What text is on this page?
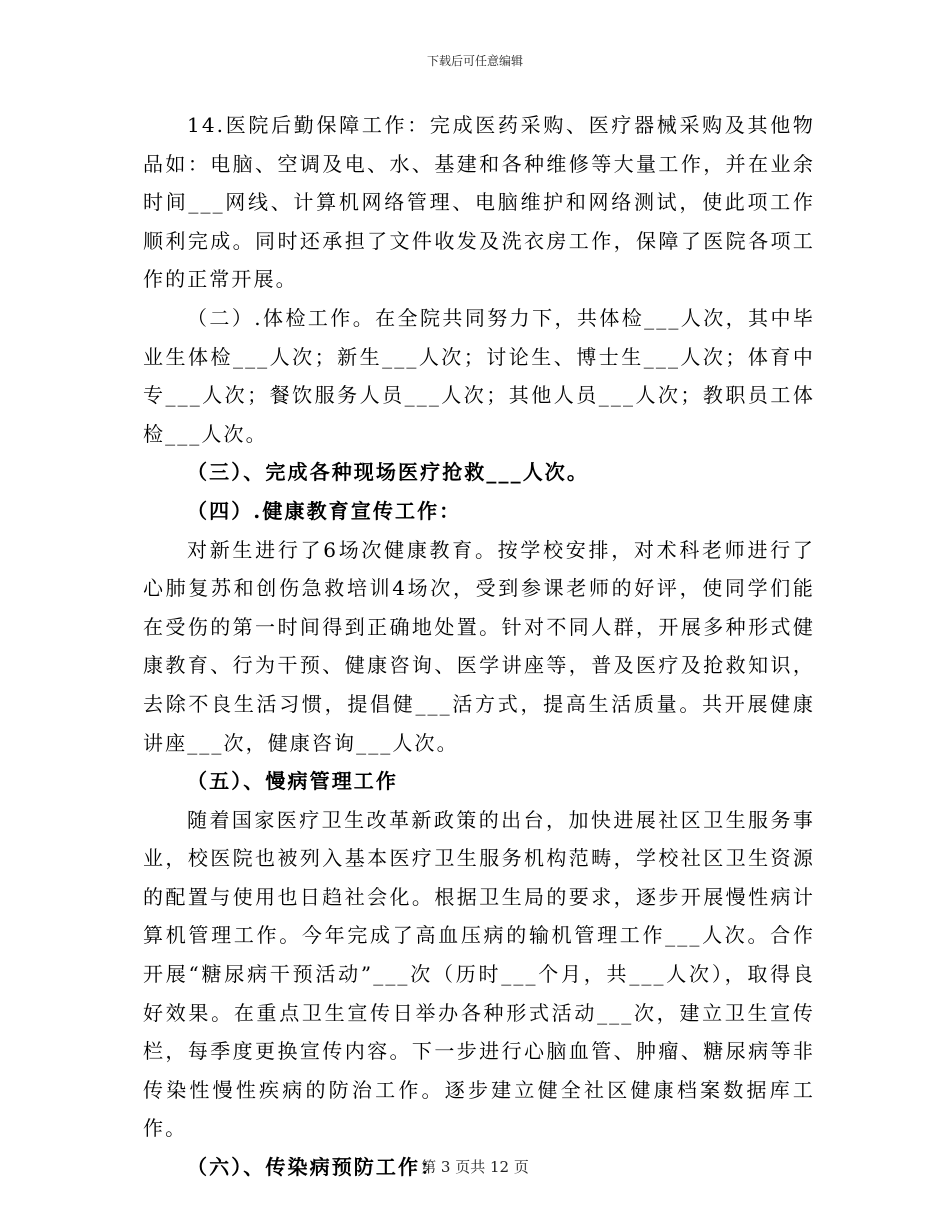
下载后可任意编辑

14.医院后勤保障工作：完成医药采购、医疗器械采购及其他物品如：电脑、空调及电、水、基建和各种维修等大量工作，并在业余时间___网线、计算机网络管理、电脑维护和网络测试，使此项工作顺利完成。同时还承担了文件收发及洗衣房工作，保障了医院各项工作的正常开展。

（二）.体检工作。在全院共同努力下，共体检___人次，其中毕业生体检___人次；新生___人次；讨论生、博士生___人次；体育中专___人次；餐饮服务人员___人次；其他人员___人次；教职员工体检___人次。

（三）、完成各种现场医疗抢救___人次。

（四）.健康教育宣传工作：

对新生进行了6场次健康教育。按学校安排，对术科老师进行了心肺复苏和创伤急救培训4场次，受到参课老师的好评，使同学们能在受伤的第一时间得到正确地处置。针对不同人群，开展多种形式健康教育、行为干预、健康咨询、医学讲座等，普及医疗及抢救知识，去除不良生活习惯，提倡健___活方式，提高生活质量。共开展健康讲座___次，健康咨询___人次。

（五）、慢病管理工作

随着国家医疗卫生改革新政策的出台，加快进展社区卫生服务事业，校医院也被列入基本医疗卫生服务机构范畴，学校社区卫生资源的配置与使用也日趋社会化。根据卫生局的要求，逐步开展慢性病计算机管理工作。今年完成了高血压病的输机管理工作___人次。合作开展“糖尿病干预活动”___次（历时___个月，共___人次），取得良好效果。在重点卫生宣传日举办各种形式活动___次，建立卫生宣传栏，每季度更换宣传内容。下一步进行心脑血管、肿瘤、糖尿病等非传染性慢性疾病的防治工作。逐步建立健全社区健康档案数据库工作。

（六）、传染病预防工作：

第 3 页共 12 页
